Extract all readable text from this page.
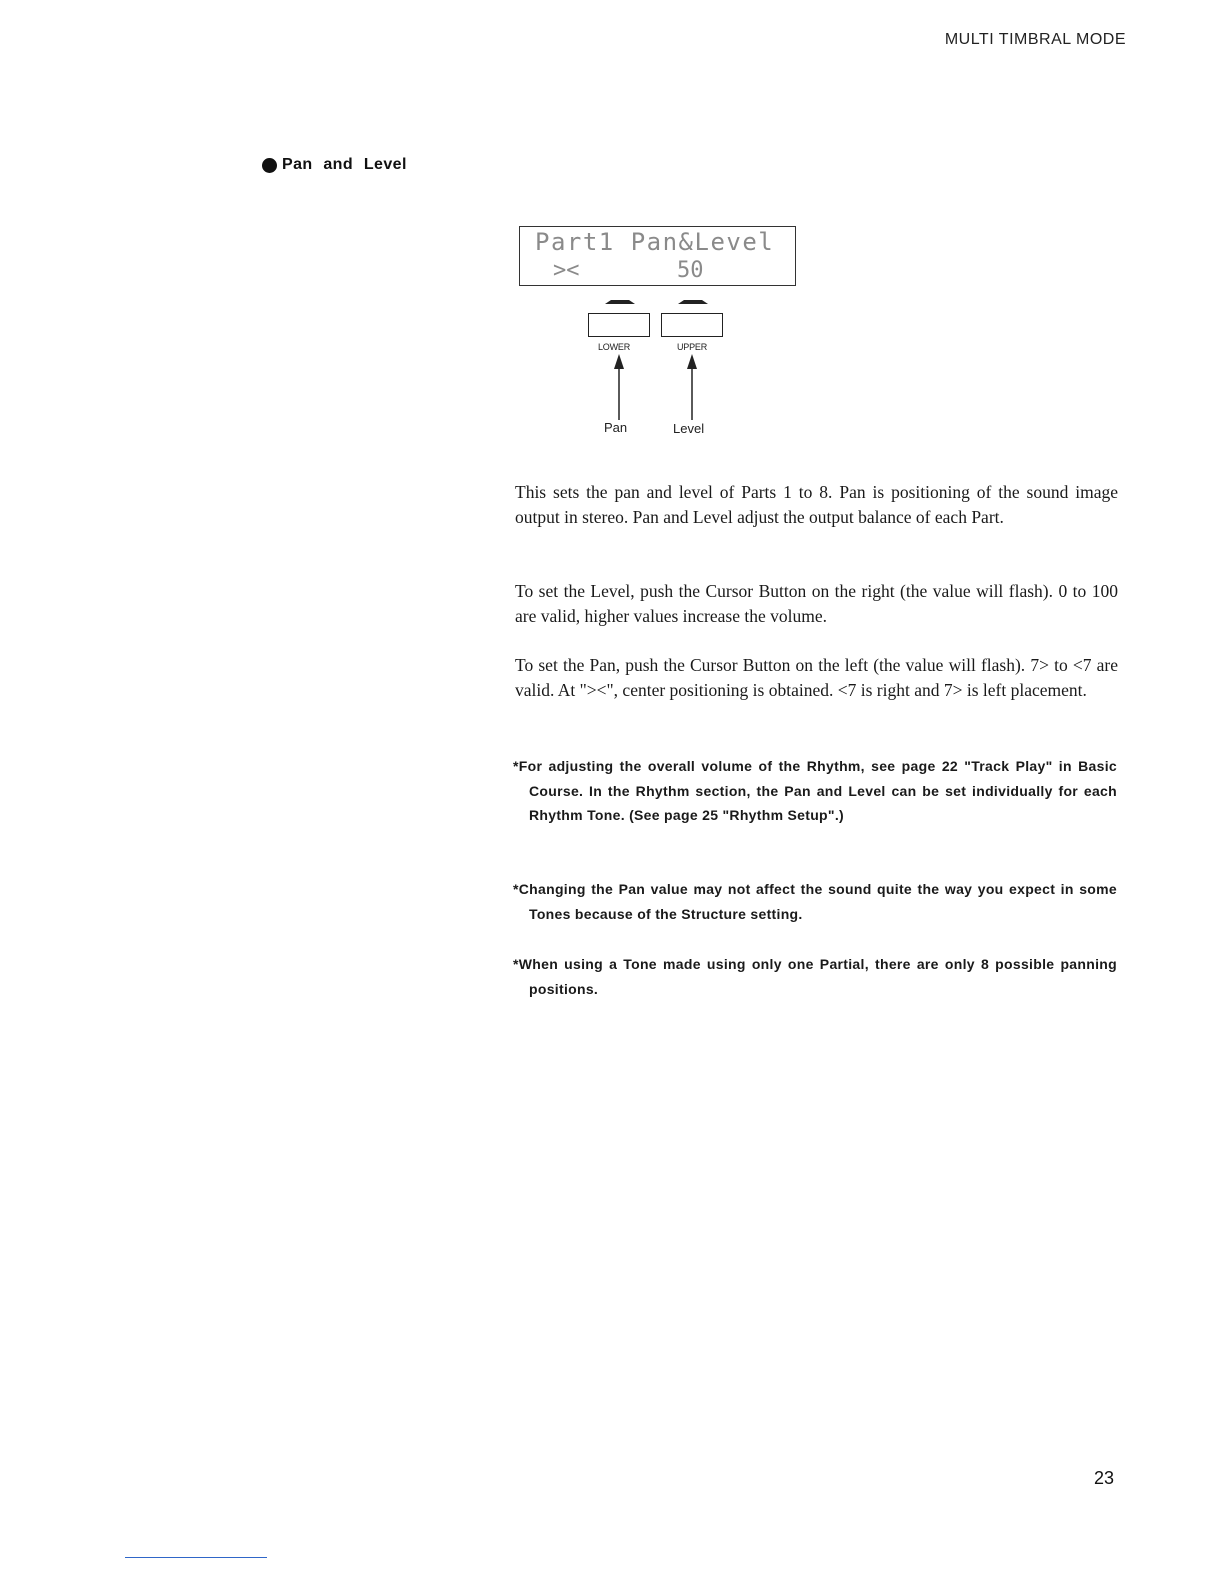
MULTI TIMBRAL MODE
Pan and Level
Part1 Pan&Level
><	50
LOWER	UPPER
Pan	Level
This sets the pan and level of Parts 1 to 8. Pan is positioning of the sound image output in stereo. Pan and Level adjust the output balance of each Part.
To set the Level, push the Cursor Button on the right (the value will flash). 0 to 100 are valid, higher values increase the volume.
To set the Pan, push the Cursor Button on the left (the value will flash). 7> to <7 are valid. At "><", center positioning is obtained. <7 is right and 7> is left placement.
*For adjusting the overall volume of the Rhythm, see page 22 "Track Play" in Basic Course. In the Rhythm section, the Pan and Level can be set individually for each Rhythm Tone. (See page 25 "Rhythm Setup".)
*Changing the Pan value may not affect the sound quite the way you expect in some Tones because of the Structure setting.
*When using a Tone made using only one Partial, there are only 8 possible panning positions.
23
